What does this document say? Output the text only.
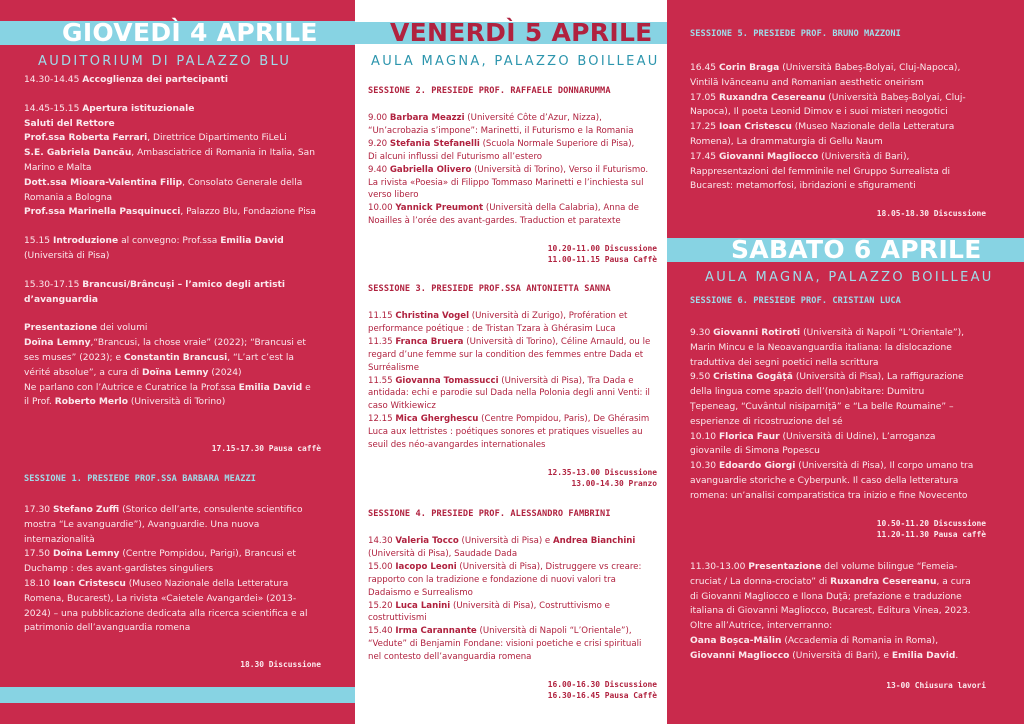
GIOVEDÌ 4 APRILE
AUDITORIUM DI PALAZZO BLU

14.30-14.45 Accoglienza dei partecipanti

14.45-15.15 Apertura istituzionale

Saluti del Rettore

Prof.ssa Roberta Ferrari, Direttrice Dipartimento FiLeLi

S.E. Gabriela Dancău, Ambasciatrice di Romania in Italia, San

Marino e Malta

Dott.ssa Mioara-Valentina Filip, Consolato Generale della

Romania a Bologna

Prof.ssa Marinella Pasquinucci, Palazzo Blu, Fondazione Pisa

15.15 Introduzione al convegno: Prof.ssa Emilia David

(Università di Pisa)

15.30-17.15 Brancusi/Brâncuși – l’amico degli artisti

d’avanguardia

Presentazione dei volumi

Doïna Lemny,“Brancusi, la chose vraie” (2022); “Brancusi et

ses muses” (2023); e Constantin Brancusi, “L’art c’est la

vérité absolue”, a cura di Doïna Lemny (2024)

Ne parlano con l’Autrice e Curatrice la Prof.ssa Emilia David e

il Prof. Roberto Merlo (Università di Torino)

17.15-17.30 Pausa caffè
SESSIONE 1. PRESIEDE PROF.SSA BARBARA MEAZZI

17.30 Stefano Zuffi (Storico dell’arte, consulente scientifico

mostra “Le avanguardie”), Avanguardie. Una nuova

internazionalità

17.50 Doïna Lemny (Centre Pompidou, Parigi), Brancusi et

Duchamp : des avant-gardistes singuliers

18.10 Ioan Cristescu (Museo Nazionale della Letteratura

Romena, Bucarest), La rivista «Caietele Avangardei» (2013-

2024) – una pubblicazione dedicata alla ricerca scientifica e al

patrimonio dell’avanguardia romena

18.30 Discussione
VENERDÌ 5 APRILE
AULA MAGNA, PALAZZO BOILLEAU
SESSIONE 2. PRESIEDE PROF. RAFFAELE DONNARUMMA

9.00 Barbara Meazzi (Université Côte d’Azur, Nizza),

“Un’acrobazia s’impone”: Marinetti, il Futurismo e la Romania

9.20 Stefania Stefanelli (Scuola Normale Superiore di Pisa),

Di alcuni influssi del Futurismo all’estero

9.40 Gabriella Olivero (Università di Torino), Verso il Futurismo.

La rivista «Poesia» di Filippo Tommaso Marinetti e l’inchiesta sul

verso libero

10.00 Yannick Preumont (Università della Calabria), Anna de

Noailles à l’orée des avant-gardes. Traduction et paratexte

10.20-11.00 Discussione
11.00-11.15 Pausa Caffè
SESSIONE 3. PRESIEDE PROF.SSA ANTONIETTA SANNA

11.15 Christina Vogel (Università di Zurigo), Profération et

performance poétique : de Tristan Tzara à Ghérasim Luca

11.35 Franca Bruera (Università di Torino), Céline Arnauld, ou le

regard d’une femme sur la condition des femmes entre Dada et

Surréalisme

11.55 Giovanna Tomassucci (Università di Pisa), Tra Dada e

antidada: echi e parodie sul Dada nella Polonia degli anni Venti: il

caso Witkiewicz

12.15 Mica Gherghescu (Centre Pompidou, Paris), De Ghérasim

Luca aux lettristes : poétiques sonores et pratiques visuelles au

seuil des néo-avangardes internationales

12.35-13.00 Discussione
13.00-14.30 Pranzo
SESSIONE 4. PRESIEDE PROF. ALESSANDRO FAMBRINI

14.30 Valeria Tocco (Università di Pisa) e Andrea Bianchini

(Università di Pisa), Saudade Dada

15.00 Iacopo Leoni (Università di Pisa), Distruggere vs creare:

rapporto con la tradizione e fondazione di nuovi valori tra

Dadaismo e Surrealismo

15.20 Luca Lanini (Università di Pisa), Costruttivismo e

costruttivismi

15.40 Irma Carannante (Università di Napoli “L’Orientale”),

“Vedute” di Benjamin Fondane: visioni poetiche e crisi spirituali

nel contesto dell’avanguardia romena

16.00-16.30 Discussione
16.30-16.45 Pausa Caffè
SESSIONE 5. PRESIEDE PROF. BRUNO MAZZONI

16.45 Corin Braga (Università Babeș-Bolyai, Cluj-Napoca),

Vintilă Ivănceanu and Romanian aesthetic oneirism

17.05 Ruxandra Cesereanu (Università Babeș-Bolyai, Cluj-

Napoca), Il poeta Leonid Dimov e i suoi misteri neogotici

17.25 Ioan Cristescu (Museo Nazionale della Letteratura

Romena), La drammaturgia di Gellu Naum

17.45 Giovanni Magliocco (Università di Bari),

Rappresentazioni del femminile nel Gruppo Surrealista di

Bucarest: metamorfosi, ibridazioni e sfiguramenti

18.05-18.30 Discussione
SABATO 6 APRILE
AULA MAGNA, PALAZZO BOILLEAU
SESSIONE 6. PRESIEDE PROF. CRISTIAN LUCA

9.30 Giovanni Rotiroti (Università di Napoli “L’Orientale”),

Marin Mincu e la Neoavanguardia italiana: la dislocazione

traduttiva dei segni poetici nella scrittura

9.50 Cristina Gogâță (Università di Pisa), La raffigurazione

della lingua come spazio dell’(non)abitare: Dumitru

Țepeneag, “Cuvântul nisiparniță” e “La belle Roumaine” –

esperienze di ricostruzione del sé

10.10 Florica Faur (Università di Udine), L’arroganza

giovanile di Simona Popescu

10.30 Edoardo Giorgi (Università di Pisa), Il corpo umano tra

avanguardie storiche e Cyberpunk. Il caso della letteratura

romena: un’analisi comparatistica tra inizio e fine Novecento

10.50-11.20 Discussione
11.20-11.30 Pausa caffè

11.30-13.00 Presentazione del volume bilingue “Femeia-

cruciat / La donna-crociato” di Ruxandra Cesereanu, a cura

di Giovanni Magliocco e Ilona Duță; prefazione e traduzione

italiana di Giovanni Magliocco, Bucarest, Editura Vinea, 2023.

Oltre all’Autrice, interverranno:

Oana Boșca-Mălin (Accademia di Romania in Roma),

Giovanni Magliocco (Università di Bari), e Emilia David.

13-00 Chiusura lavori
